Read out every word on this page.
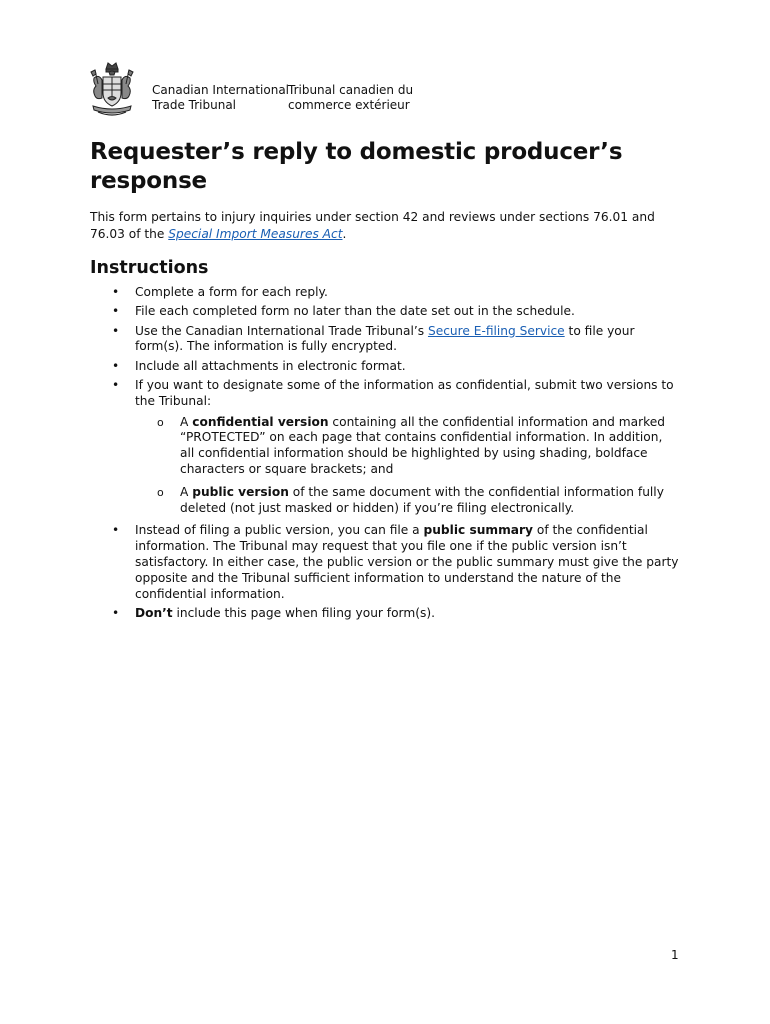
Canadian International
Trade Tribunal
Tribunal canadien du
commerce extérieur
Requester’s reply to domestic producer’s response

This form pertains to injury inquiries under section 42 and reviews under sections 76.01 and 76.03 of the Special Import Measures Act.

Instructions
• Complete a form for each reply.
• File each completed form no later than the date set out in the schedule.
• Use the Canadian International Trade Tribunal’s Secure E-filing Service to file your form(s). The information is fully encrypted.
• Include all attachments in electronic format.
• If you want to designate some of the information as confidential, submit two versions to the Tribunal:
o A confidential version containing all the confidential information and marked “PROTECTED” on each page that contains confidential information. In addition, all confidential information should be highlighted by using shading, boldface characters or square brackets; and
o A public version of the same document with the confidential information fully deleted (not just masked or hidden) if you’re filing electronically.
• Instead of filing a public version, you can file a public summary of the confidential information. The Tribunal may request that you file one if the public version isn’t satisfactory. In either case, the public version or the public summary must give the party opposite and the Tribunal sufficient information to understand the nature of the confidential information.
• Don’t include this page when filing your form(s).
1
